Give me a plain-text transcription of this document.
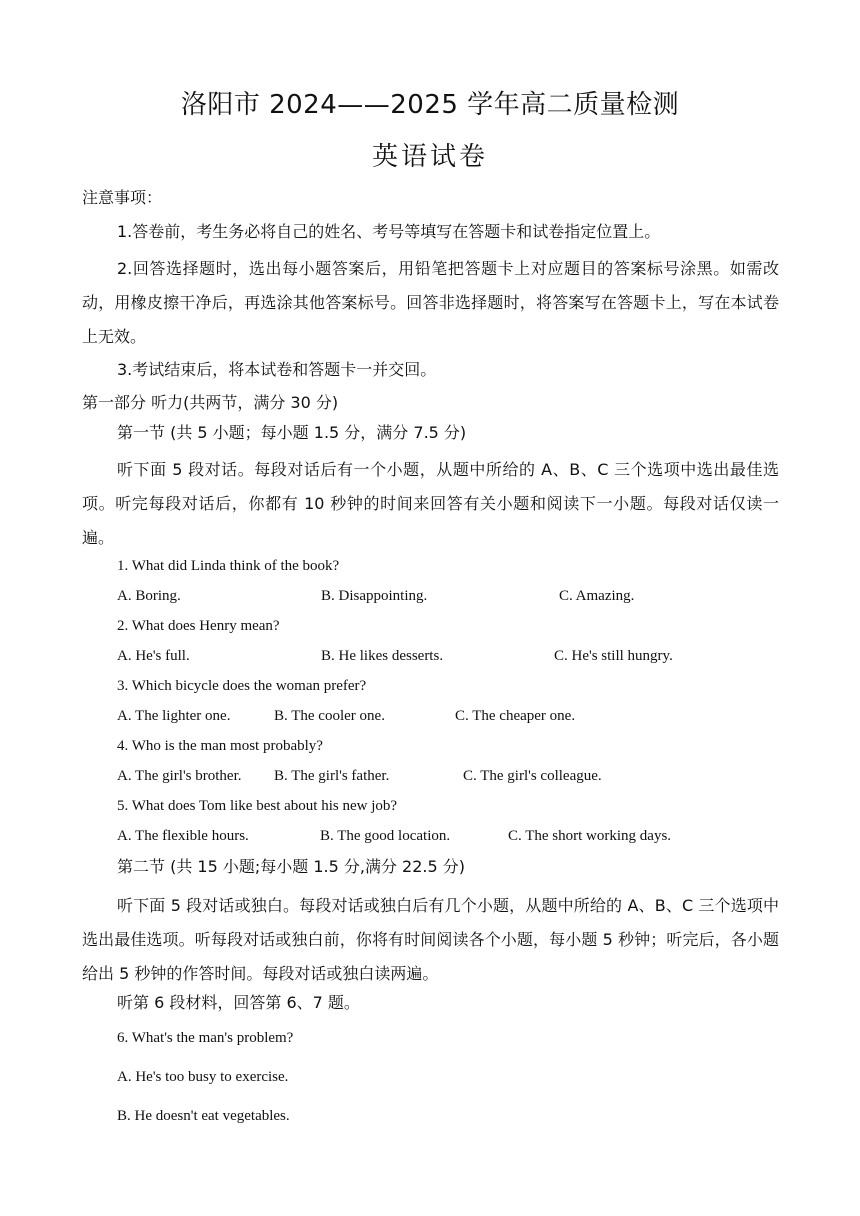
洛阳市 2024——2025 学年高二质量检测
英语试卷
注意事项：
1.答卷前，考生务必将自己的姓名、考号等填写在答题卡和试卷指定位置上。
2.回答选择题时，选出每小题答案后，用铅笔把答题卡上对应题目的答案标号涂黑。如需改动，用橡皮擦干净后，再选涂其他答案标号。回答非选择题时，将答案写在答题卡上，写在本试卷上无效。
3.考试结束后，将本试卷和答题卡一并交回。
第一部分 听力(共两节，满分 30 分)
第一节 (共 5 小题；每小题 1.5 分，满分 7.5 分)
听下面 5 段对话。每段对话后有一个小题，从题中所给的 A、B、C 三个选项中选出最佳选项。听完每段对话后，你都有 10 秒钟的时间来回答有关小题和阅读下一小题。每段对话仅读一遍。
1. What did Linda think of the book?
A. Boring.	B. Disappointing.	C. Amazing.
2. What does Henry mean?
A. He's full.	B. He likes desserts.	C. He's still hungry.
3. Which bicycle does the woman prefer?
A. The lighter one.	B. The cooler one.	C. The cheaper one.
4. Who is the man most probably?
A. The girl's brother. B. The girl's father.	C. The girl's colleague.
5. What does Tom like best about his new job?
A. The flexible hours.	B. The good location.	C. The short working days.
第二节 (共 15 小题;每小题 1.5 分,满分 22.5 分)
听下面 5 段对话或独白。每段对话或独白后有几个小题，从题中所给的 A、B、C 三个选项中选出最佳选项。听每段对话或独白前，你将有时间阅读各个小题，每小题 5 秒钟；听完后，各小题给出 5 秒钟的作答时间。每段对话或独白读两遍。
听第 6 段材料，回答第 6、7 题。
6. What's the man's problem?
A. He's too busy to exercise.
B. He doesn't eat vegetables.
